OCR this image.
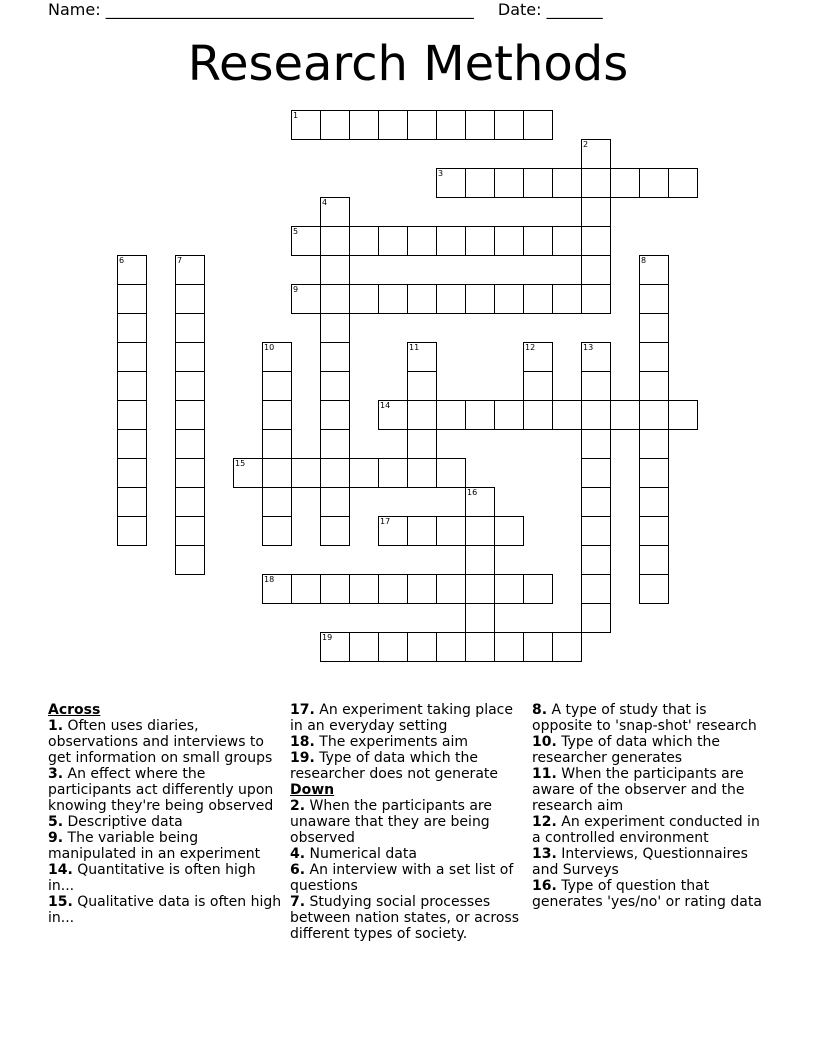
Name: ______________________________________________ Date: _______
Research Methods
1
2
3
4
5
6	7	8
9
10	11	12	13
14
15
16
17
18
19

Across

1. Often uses diaries, observations and interviews to get information on small groups

3. An effect where the participants act differently upon knowing they're being observed

5. Descriptive data

9. The variable being manipulated in an experiment

14. Quantitative is often high in...

15. Qualitative data is often high in...

17. An experiment taking place in an everyday setting

18. The experiments aim

19. Type of data which the researcher does not generate

Down

2. When the participants are unaware that they are being observed

4. Numerical data

6. An interview with a set list of questions

7. Studying social processes between nation states, or across different types of society.

8. A type of study that is opposite to 'snap-shot' research

10. Type of data which the researcher generates

11. When the participants are aware of the observer and the research aim

12. An experiment conducted in a controlled environment

13. Interviews, Questionnaires and Surveys

16. Type of question that generates 'yes/no' or rating data
